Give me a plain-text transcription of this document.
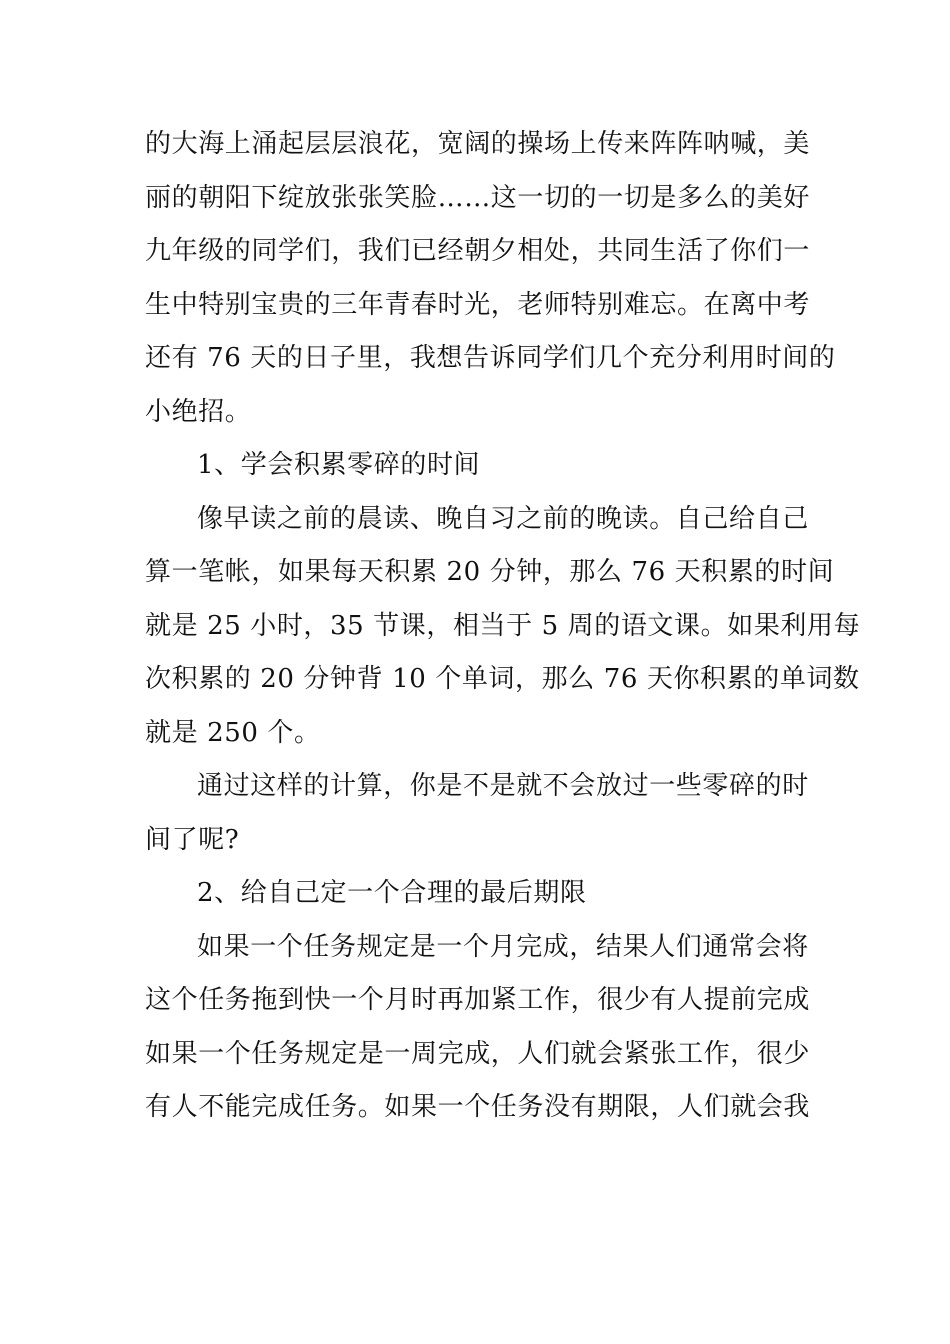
的大海上涌起层层浪花，宽阔的操场上传来阵阵呐喊，美
丽的朝阳下绽放张张笑脸……这一切的一切是多么的美好
九年级的同学们，我们已经朝夕相处，共同生活了你们一
生中特别宝贵的三年青春时光，老师特别难忘。在离中考
还有 76 天的日子里，我想告诉同学们几个充分利用时间的
小绝招。
1、学会积累零碎的时间
像早读之前的晨读、晚自习之前的晚读。自己给自己
算一笔帐，如果每天积累 20 分钟，那么 76 天积累的时间
就是 25 小时，35 节课，相当于 5 周的语文课。如果利用每
次积累的 20 分钟背 10 个单词，那么 76 天你积累的单词数
就是 250 个。
通过这样的计算，你是不是就不会放过一些零碎的时
间了呢?
2、给自己定一个合理的最后期限
如果一个任务规定是一个月完成，结果人们通常会将
这个任务拖到快一个月时再加紧工作，很少有人提前完成
如果一个任务规定是一周完成，人们就会紧张工作，很少
有人不能完成任务。如果一个任务没有期限，人们就会我
